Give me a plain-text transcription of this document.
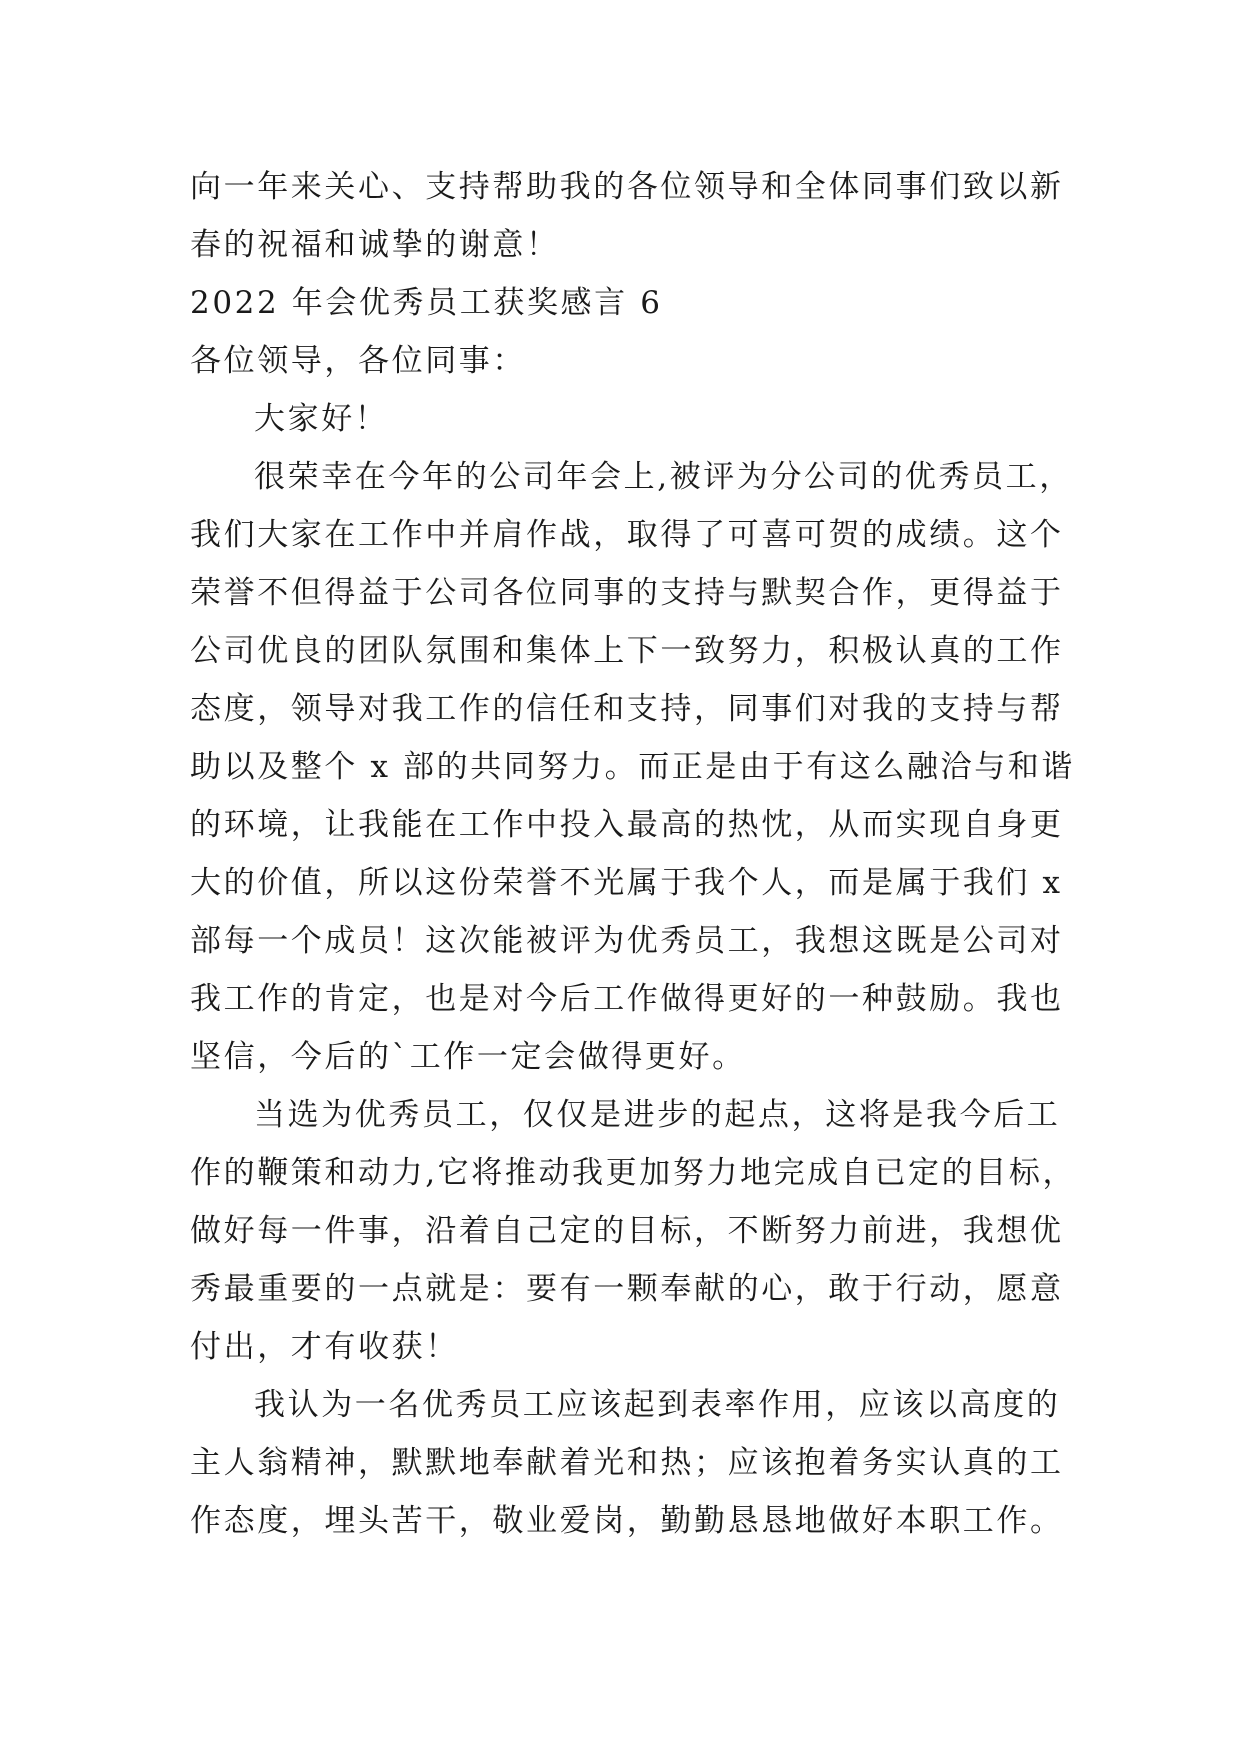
向一年来关心、支持帮助我的各位领导和全体同事们致以新
春的祝福和诚挚的谢意！
2022 年会优秀员工获奖感言 6
各位领导，各位同事：
大家好！
很荣幸在今年的公司年会上,被评为分公司的优秀员工，
我们大家在工作中并肩作战，取得了可喜可贺的成绩。这个
荣誉不但得益于公司各位同事的支持与默契合作，更得益于
公司优良的团队氛围和集体上下一致努力，积极认真的工作
态度，领导对我工作的信任和支持，同事们对我的支持与帮
助以及整个 x 部的共同努力。而正是由于有这么融洽与和谐
的环境，让我能在工作中投入最高的热忱，从而实现自身更
大的价值，所以这份荣誉不光属于我个人，而是属于我们 x
部每一个成员！这次能被评为优秀员工，我想这既是公司对
我工作的肯定，也是对今后工作做得更好的一种鼓励。我也
坚信，今后的`工作一定会做得更好。
当选为优秀员工，仅仅是进步的起点，这将是我今后工
作的鞭策和动力,它将推动我更加努力地完成自已定的目标，
做好每一件事，沿着自己定的目标，不断努力前进，我想优
秀最重要的一点就是：要有一颗奉献的心，敢于行动，愿意
付出，才有收获！
我认为一名优秀员工应该起到表率作用，应该以高度的
主人翁精神，默默地奉献着光和热；应该抱着务实认真的工
作态度，埋头苦干，敬业爱岗，勤勤恳恳地做好本职工作。
